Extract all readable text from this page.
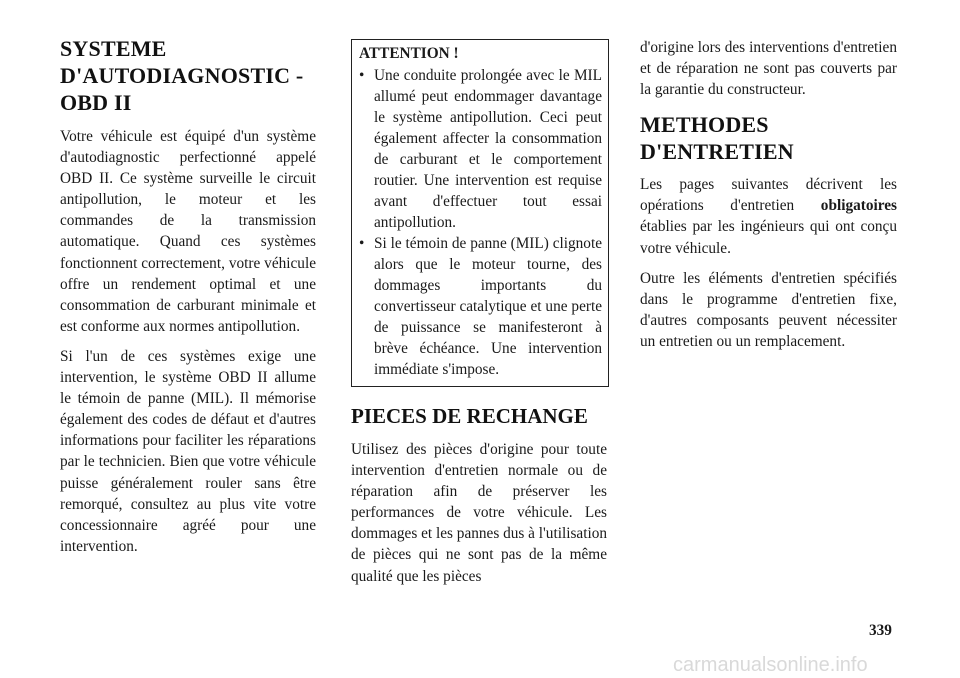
SYSTEME D'AUTODIAGNOSTIC - OBD II

Votre véhicule est équipé d'un système d'autodiagnostic perfectionné appelé OBD II. Ce système surveille le circuit antipollution, le moteur et les commandes de la transmission automatique. Quand ces systèmes fonctionnent correctement, votre véhicule offre un rendement optimal et une consommation de carburant minimale et est conforme aux normes antipollution.

Si l'un de ces systèmes exige une intervention, le système OBD II allume le témoin de panne (MIL). Il mémorise également des codes de défaut et d'autres informations pour faciliter les réparations par le technicien. Bien que votre véhicule puisse généralement rouler sans être remorqué, consultez au plus vite votre concessionnaire agréé pour une intervention.

ATTENTION !
• Une conduite prolongée avec le MIL allumé peut endommager davantage le système antipollution. Ceci peut également affecter la consommation de carburant et le comportement routier. Une intervention est requise avant d'effectuer tout essai antipollution.
• Si le témoin de panne (MIL) clignote alors que le moteur tourne, des dommages importants du convertisseur catalytique et une perte de puissance se manifesteront à brève échéance. Une intervention immédiate s'impose.
PIECES DE RECHANGE

Utilisez des pièces d'origine pour toute intervention d'entretien normale ou de réparation afin de préserver les performances de votre véhicule. Les dommages et les pannes dus à l'utilisation de pièces qui ne sont pas de la même qualité que les pièces

d'origine lors des interventions d'entretien et de réparation ne sont pas couverts par la garantie du constructeur.

METHODES D'ENTRETIEN

Les pages suivantes décrivent les opérations d'entretien obligatoires établies par les ingénieurs qui ont conçu votre véhicule.

Outre les éléments d'entretien spécifiés dans le programme d'entretien fixe, d'autres composants peuvent nécessiter un entretien ou un remplacement.

339
carmanualsonline.info
